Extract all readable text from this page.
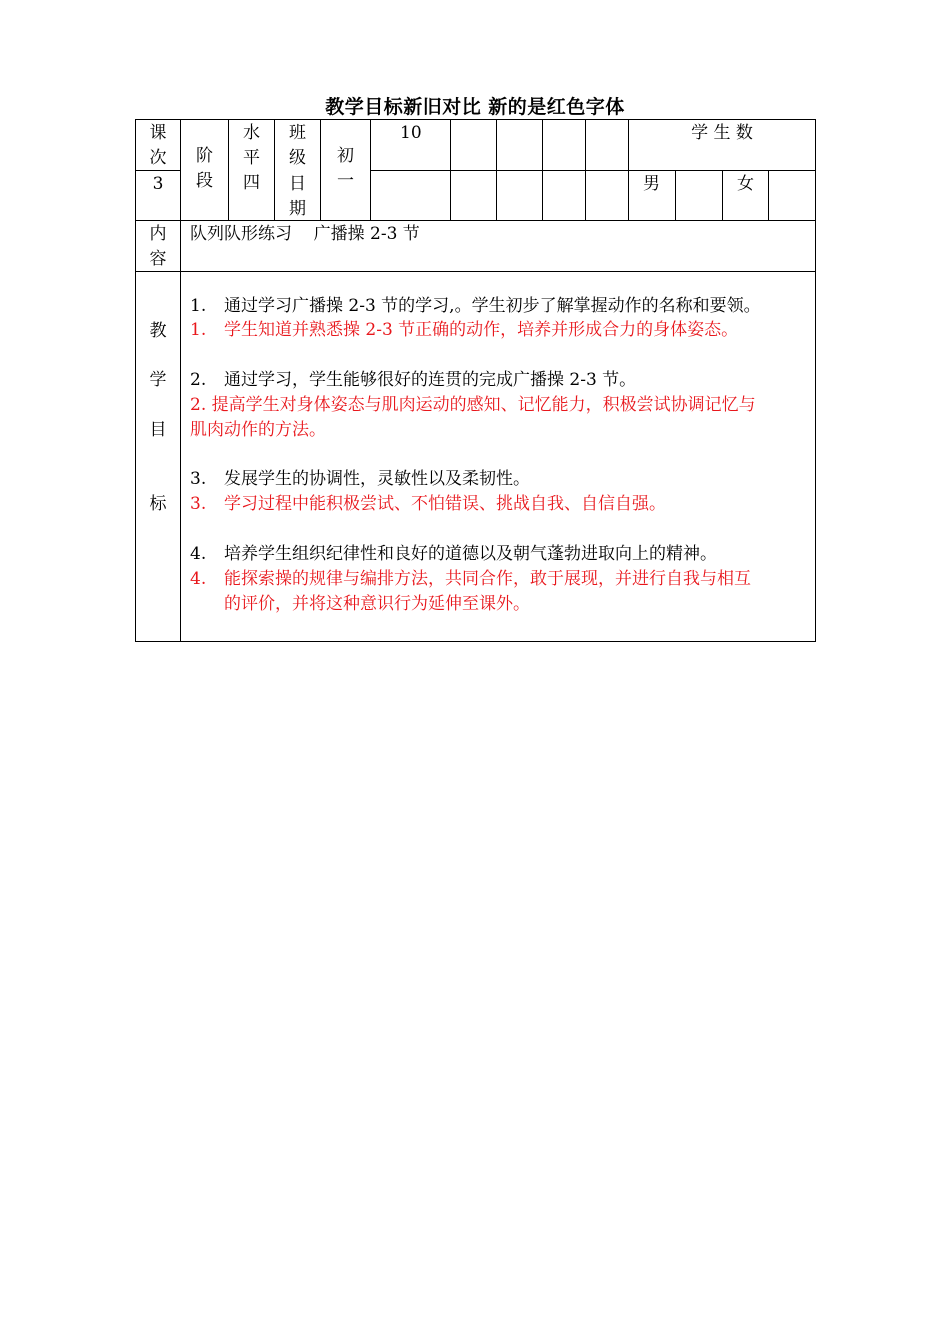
教学目标新旧对比 新的是红色字体
课
次
3
阶
段
水
平
四
班
级
日
期
初
一
10	学 生 数
男	女
内
容
队列队形练习    广播操 2-3 节
教
学
目
标
1. 通过学习广播操 2-3 节的学习,。学生初步了解掌握动作的名称和要领。
1. 学生知道并熟悉操 2-3 节正确的动作，培养并形成合力的身体姿态。
2. 通过学习，学生能够很好的连贯的完成广播操 2-3 节。
2. 提高学生对身体姿态与肌肉运动的感知、记忆能力，积极尝试协调记忆与
肌肉动作的方法。
3. 发展学生的协调性，灵敏性以及柔韧性。
3. 学习过程中能积极尝试、不怕错误、挑战自我、自信自强。
4. 培养学生组织纪律性和良好的道德以及朝气蓬勃进取向上的精神。
4. 能探索操的规律与编排方法，共同合作，敢于展现，并进行自我与相互
的评价，并将这种意识行为延伸至课外。
